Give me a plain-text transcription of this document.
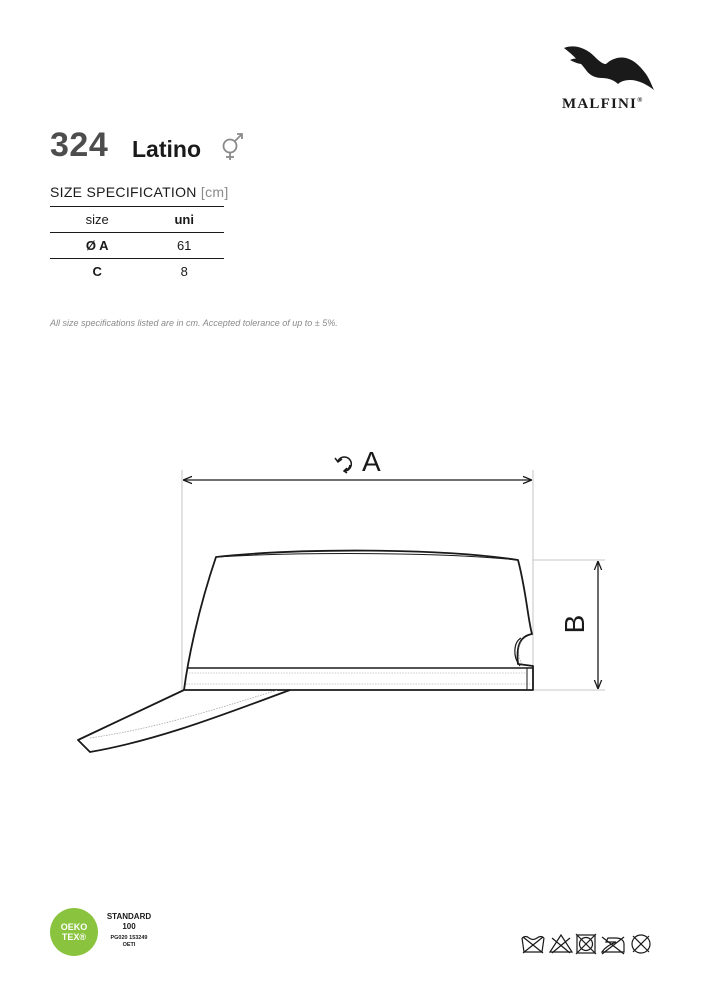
MALFINI®
324 Latino
SIZE SPECIFICATION [cm]
size	uni
Ø A	61
C	8
All size specifications listed are in cm. Accepted tolerance of up to ± 5%.
A
B
OEKO
TEX®
STANDARD
100
PG020 153249
OETI
